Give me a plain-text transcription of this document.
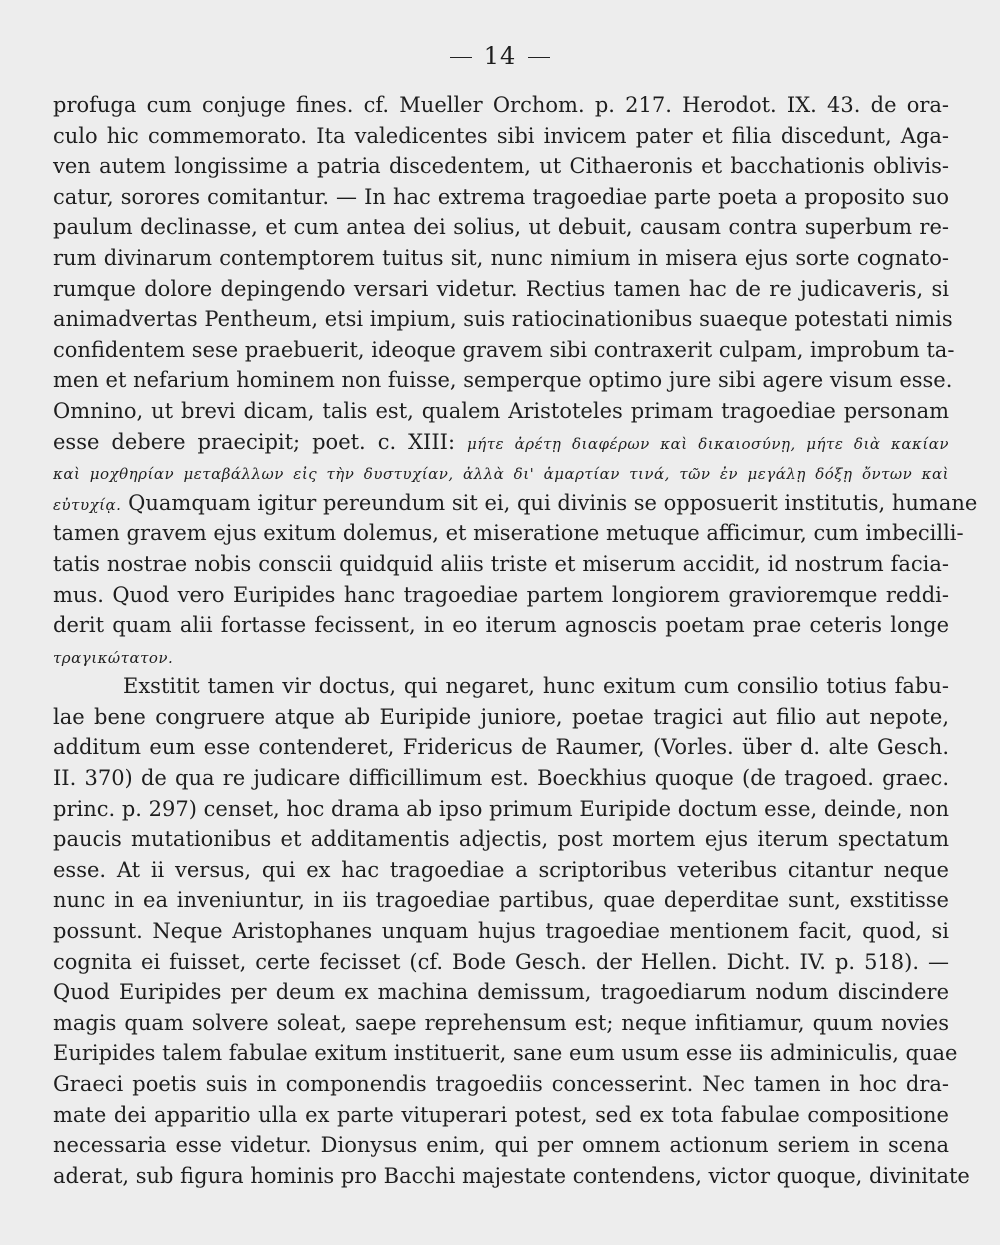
14
profuga cum conjuge fines. cf. Mueller Orchom. p. 217. Herodot. IX. 43. de ora-
culo hic commemorato. Ita valedicentes sibi invicem pater et filia discedunt, Aga-
ven autem longissime a patria discedentem, ut Cithaeronis et bacchationis oblivis-
catur, sorores comitantur. — In hac extrema tragoediae parte poeta a proposito suo
paulum declinasse, et cum antea dei solius, ut debuit, causam contra superbum re-
rum divinarum contemptorem tuitus sit, nunc nimium in misera ejus sorte cognato-
rumque dolore depingendo versari videtur. Rectius tamen hac de re judicaveris, si
animadvertas Pentheum, etsi impium, suis ratiocinationibus suaeque potestati nimis
confidentem sese praebuerit, ideoque gravem sibi contraxerit culpam, improbum ta-
men et nefarium hominem non fuisse, semperque optimo jure sibi agere visum esse.
Omnino, ut brevi dicam, talis est, qualem Aristoteles primam tragoediae personam
esse debere praecipit; poet. c. XIII: μήτε ἀρέτῃ διαφέρων καὶ δικαιοσύνῃ, μήτε διὰ κακίαν
καὶ μοχθηρίαν μεταβάλλων εἰς τὴν δυστυχίαν, ἀλλὰ δι' ἁμαρτίαν τινά, τῶν ἐν μεγάλῃ δόξῃ ὄντων καὶ
εὐτυχίᾳ. Quamquam igitur pereundum sit ei, qui divinis se opposuerit institutis, humane
tamen gravem ejus exitum dolemus, et miseratione metuque afficimur, cum imbecilli-
tatis nostrae nobis conscii quidquid aliis triste et miserum accidit, id nostrum facia-
mus. Quod vero Euripides hanc tragoediae partem longiorem gravioremque reddi-
derit quam alii fortasse fecissent, in eo iterum agnoscis poetam prae ceteris longe
τραγικώτατον.
Exstitit tamen vir doctus, qui negaret, hunc exitum cum consilio totius fabu-
lae bene congruere atque ab Euripide juniore, poetae tragici aut filio aut nepote,
additum eum esse contenderet, Fridericus de Raumer, (Vorles. über d. alte Gesch.
II. 370) de qua re judicare difficillimum est. Boeckhius quoque (de tragoed. graec.
princ. p. 297) censet, hoc drama ab ipso primum Euripide doctum esse, deinde, non
paucis mutationibus et additamentis adjectis, post mortem ejus iterum spectatum
esse. At ii versus, qui ex hac tragoediae a scriptoribus veteribus citantur neque
nunc in ea inveniuntur, in iis tragoediae partibus, quae deperditae sunt, exstitisse
possunt. Neque Aristophanes unquam hujus tragoediae mentionem facit, quod, si
cognita ei fuisset, certe fecisset (cf. Bode Gesch. der Hellen. Dicht. IV. p. 518). —
Quod Euripides per deum ex machina demissum, tragoediarum nodum discindere
magis quam solvere soleat, saepe reprehensum est; neque infitiamur, quum novies
Euripides talem fabulae exitum instituerit, sane eum usum esse iis adminiculis, quae
Graeci poetis suis in componendis tragoediis concesserint. Nec tamen in hoc dra-
mate dei apparitio ulla ex parte vituperari potest, sed ex tota fabulae compositione
necessaria esse videtur. Dionysus enim, qui per omnem actionum seriem in scena
aderat, sub figura hominis pro Bacchi majestate contendens, victor quoque, divinitate
